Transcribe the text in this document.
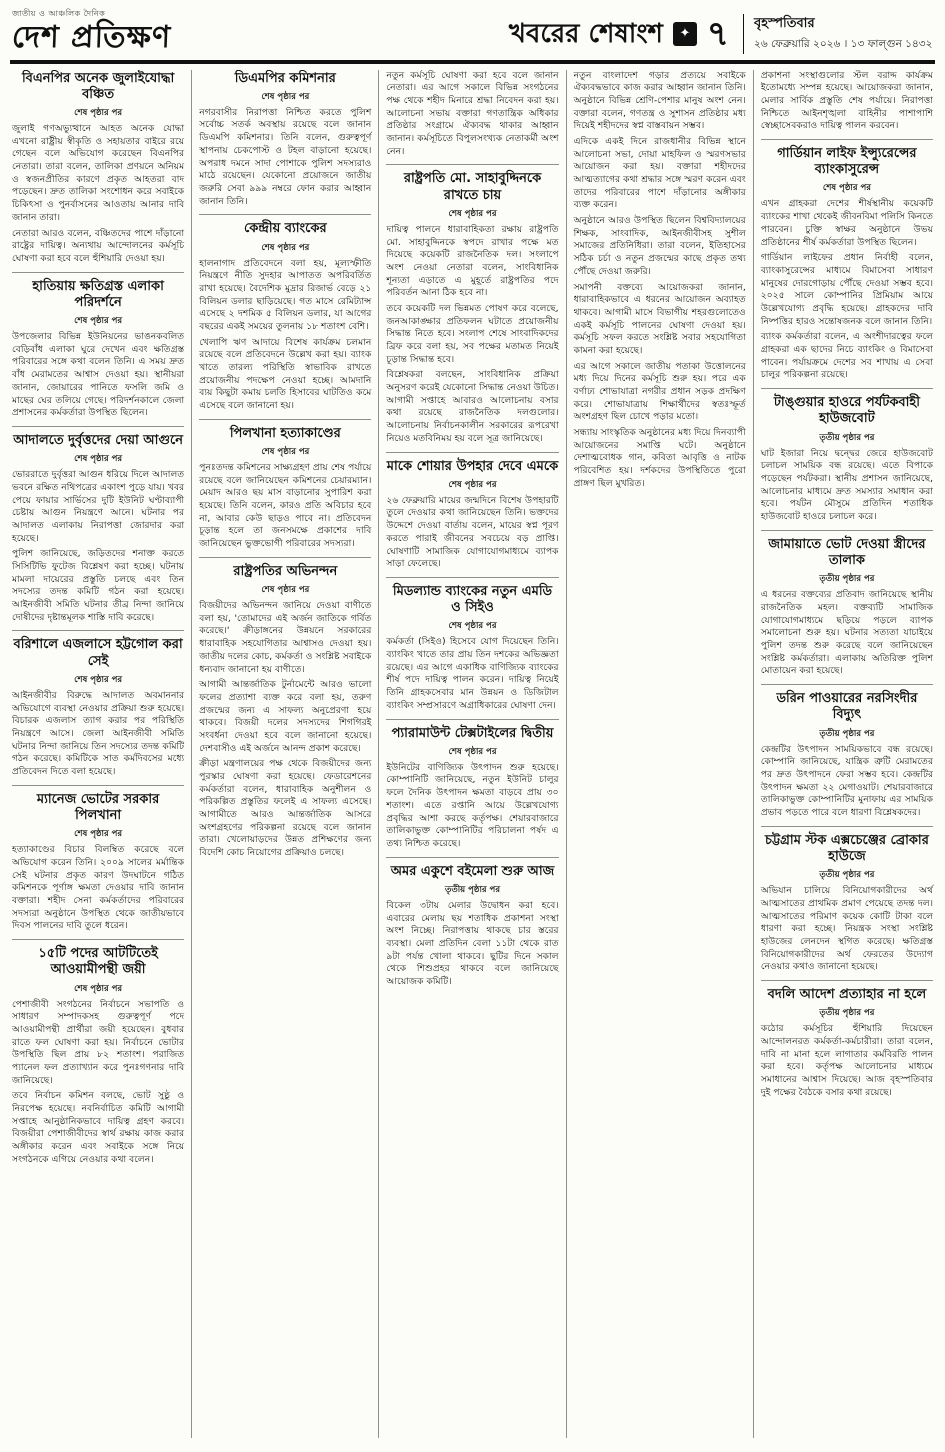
জাতীয় ও আঞ্চলিক দৈনিক
দেশ প্রতিক্ষণ	খবরের শেষাংশ	✦ ৭ বৃহস্পতিবার
২৬ ফেব্রুয়ারি ২০২৬ । ১৩ ফাল্গুন ১৪৩২
বিএনপির অনেক জুলাইযোদ্ধা বঞ্চিত
শেষ পৃষ্ঠার পর

জুলাই গণঅভ্যুত্থানে আহত অনেক যোদ্ধা এখনো রাষ্ট্রীয় স্বীকৃতি ও সহায়তার বাইরে রয়ে গেছেন বলে অভিযোগ করেছেন বিএনপির নেতারা। তারা বলেন, তালিকা প্রণয়নে অনিয়ম ও স্বজনপ্রীতির কারণে প্রকৃত আহতরা বাদ পড়েছেন। দ্রুত তালিকা সংশোধন করে সবাইকে চিকিৎসা ও পুনর্বাসনের আওতায় আনার দাবি জানান তারা।

নেতারা আরও বলেন, বঞ্চিতদের পাশে দাঁড়ানো রাষ্ট্রের দায়িত্ব। অন্যথায় আন্দোলনের কর্মসূচি ঘোষণা করা হবে বলে হুঁশিয়ারি দেওয়া হয়।

হাতিয়ায় ক্ষতিগ্রস্ত এলাকা পরিদর্শনে
শেষ পৃষ্ঠার পর

উপজেলার বিভিন্ন ইউনিয়নের ভাঙনকবলিত বেড়িবাঁধ এলাকা ঘুরে দেখেন এবং ক্ষতিগ্রস্ত পরিবারের সঙ্গে কথা বলেন তিনি। এ সময় দ্রুত বাঁধ মেরামতের আশ্বাস দেওয়া হয়। স্থানীয়রা জানান, জোয়ারের পানিতে ফসলি জমি ও মাছের ঘের তলিয়ে গেছে। পরিদর্শনকালে জেলা প্রশাসনের কর্মকর্তারা উপস্থিত ছিলেন।

আদালতে দুর্বৃত্তদের দেয়া আগুনে
শেষ পৃষ্ঠার পর

ভোররাতে দুর্বৃত্তরা আগুন ধরিয়ে দিলে আদালত ভবনে রক্ষিত নথিপত্রের একাংশ পুড়ে যায়। খবর পেয়ে ফায়ার সার্ভিসের দুটি ইউনিট ঘণ্টাব্যাপী চেষ্টায় আগুন নিয়ন্ত্রণে আনে। ঘটনার পর আদালত এলাকায় নিরাপত্তা জোরদার করা হয়েছে।

পুলিশ জানিয়েছে, জড়িতদের শনাক্ত করতে সিসিটিভি ফুটেজ বিশ্লেষণ করা হচ্ছে। ঘটনায় মামলা দায়েরের প্রস্তুতি চলছে এবং তিন সদস্যের তদন্ত কমিটি গঠন করা হয়েছে। আইনজীবী সমিতি ঘটনার তীব্র নিন্দা জানিয়ে দোষীদের দৃষ্টান্তমূলক শাস্তি দাবি করেছে।

বরিশালে এজলাসে হট্টগোল করা সেই
শেষ পৃষ্ঠার পর

আইনজীবীর বিরুদ্ধে আদালত অবমাননার অভিযোগে ব্যবস্থা নেওয়ার প্রক্রিয়া শুরু হয়েছে। বিচারক এজলাস ত্যাগ করার পর পরিস্থিতি নিয়ন্ত্রণে আসে। জেলা আইনজীবী সমিতি ঘটনার নিন্দা জানিয়ে তিন সদস্যের তদন্ত কমিটি গঠন করেছে। কমিটিকে সাত কর্মদিবসের মধ্যে প্রতিবেদন দিতে বলা হয়েছে।

ম্যানেজ ভোটের সরকার পিলখানা
শেষ পৃষ্ঠার পর

হত্যাকাণ্ডের বিচার বিলম্বিত করেছে বলে অভিযোগ করেন তিনি। ২০০৯ সালের মর্মান্তিক সেই ঘটনার প্রকৃত কারণ উদঘাটনে গঠিত কমিশনকে পূর্ণাঙ্গ ক্ষমতা দেওয়ার দাবি জানান বক্তারা। শহীদ সেনা কর্মকর্তাদের পরিবারের সদস্যরা অনুষ্ঠানে উপস্থিত থেকে জাতীয়ভাবে দিবস পালনের দাবি তুলে ধরেন।

১৫টি পদের আটটিতেই আওয়ামীপন্থী জয়ী
শেষ পৃষ্ঠার পর

পেশাজীবী সংগঠনের নির্বাচনে সভাপতি ও সাধারণ সম্পাদকসহ গুরুত্বপূর্ণ পদে আওয়ামীপন্থী প্রার্থীরা জয়ী হয়েছেন। বুধবার রাতে ফল ঘোষণা করা হয়। নির্বাচনে ভোটার উপস্থিতি ছিল প্রায় ৮২ শতাংশ। পরাজিত প্যানেল ফল প্রত্যাখ্যান করে পুনঃগণনার দাবি জানিয়েছে।

তবে নির্বাচন কমিশন বলছে, ভোট সুষ্ঠু ও নিরপেক্ষ হয়েছে। নবনির্বাচিত কমিটি আগামী সপ্তাহে আনুষ্ঠানিকভাবে দায়িত্ব গ্রহণ করবে। বিজয়ীরা পেশাজীবীদের স্বার্থ রক্ষায় কাজ করার অঙ্গীকার করেন এবং সবাইকে সঙ্গে নিয়ে সংগঠনকে এগিয়ে নেওয়ার কথা বলেন।

ডিএমপির কমিশনার
শেষ পৃষ্ঠার পর

নগরবাসীর নিরাপত্তা নিশ্চিত করতে পুলিশ সর্বোচ্চ সতর্ক অবস্থায় রয়েছে বলে জানান ডিএমপি কমিশনার। তিনি বলেন, গুরুত্বপূর্ণ স্থাপনায় চেকপোস্ট ও টহল বাড়ানো হয়েছে। অপরাধ দমনে সাদা পোশাকে পুলিশ সদস্যরাও মাঠে রয়েছেন। যেকোনো প্রয়োজনে জাতীয় জরুরি সেবা ৯৯৯ নম্বরে ফোন করার আহ্বান জানান তিনি।

কেন্দ্রীয় ব্যাংকের
শেষ পৃষ্ঠার পর

হালনাগাদ প্রতিবেদনে বলা হয়, মূল্যস্ফীতি নিয়ন্ত্রণে নীতি সুদহার আপাতত অপরিবর্তিত রাখা হয়েছে। বৈদেশিক মুদ্রার রিজার্ভ বেড়ে ২১ বিলিয়ন ডলার ছাড়িয়েছে। গত মাসে রেমিট্যান্স এসেছে ২ দশমিক ৫ বিলিয়ন ডলার, যা আগের বছরের একই সময়ের তুলনায় ১৮ শতাংশ বেশি।

খেলাপি ঋণ আদায়ে বিশেষ কার্যক্রম চলমান রয়েছে বলে প্রতিবেদনে উল্লেখ করা হয়। ব্যাংক খাতে তারল্য পরিস্থিতি স্বাভাবিক রাখতে প্রয়োজনীয় পদক্ষেপ নেওয়া হচ্ছে। আমদানি ব্যয় কিছুটা কমায় চলতি হিসাবের ঘাটতিও কমে এসেছে বলে জানানো হয়।

পিলখানা হত্যাকাণ্ডের
শেষ পৃষ্ঠার পর

পুনঃতদন্ত কমিশনের সাক্ষ্যগ্রহণ প্রায় শেষ পর্যায়ে রয়েছে বলে জানিয়েছেন কমিশনের চেয়ারম্যান। মেয়াদ আরও ছয় মাস বাড়ানোর সুপারিশ করা হয়েছে। তিনি বলেন, কারও প্রতি অবিচার হবে না, আবার কেউ ছাড়ও পাবে না। প্রতিবেদন চূড়ান্ত হলে তা জনসমক্ষে প্রকাশের দাবি জানিয়েছেন ভুক্তভোগী পরিবারের সদস্যরা।

রাষ্ট্রপতির অভিনন্দন
শেষ পৃষ্ঠার পর

বিজয়ীদের অভিনন্দন জানিয়ে দেওয়া বাণীতে বলা হয়, 'তোমাদের এই অর্জন জাতিকে গর্বিত করেছে।' ক্রীড়াঙ্গনের উন্নয়নে সরকারের ধারাবাহিক সহযোগিতার আশ্বাসও দেওয়া হয়। জাতীয় দলের কোচ, কর্মকর্তা ও সংশ্লিষ্ট সবাইকে ধন্যবাদ জানানো হয় বাণীতে।

আগামী আন্তর্জাতিক টুর্নামেন্টে আরও ভালো ফলের প্রত্যাশা ব্যক্ত করে বলা হয়, তরুণ প্রজন্মের জন্য এ সাফল্য অনুপ্রেরণা হয়ে থাকবে। বিজয়ী দলের সদস্যদের শিগগিরই সংবর্ধনা দেওয়া হবে বলে জানানো হয়েছে। দেশবাসীও এই অর্জনে আনন্দ প্রকাশ করেছে।

ক্রীড়া মন্ত্রণালয়ের পক্ষ থেকে বিজয়ীদের জন্য পুরস্কার ঘোষণা করা হয়েছে। ফেডারেশনের কর্মকর্তারা বলেন, ধারাবাহিক অনুশীলন ও পরিকল্পিত প্রস্তুতির ফলেই এ সাফল্য এসেছে। আগামীতে আরও আন্তর্জাতিক আসরে অংশগ্রহণের পরিকল্পনা রয়েছে বলে জানান তারা। খেলোয়াড়দের উন্নত প্রশিক্ষণের জন্য বিদেশি কোচ নিয়োগের প্রক্রিয়াও চলছে।

নতুন কর্মসূচি ঘোষণা করা হবে বলে জানান নেতারা। এর আগে সকালে বিভিন্ন সংগঠনের পক্ষ থেকে শহীদ মিনারে শ্রদ্ধা নিবেদন করা হয়। আলোচনা সভায় বক্তারা গণতান্ত্রিক অধিকার প্রতিষ্ঠার সংগ্রামে ঐক্যবদ্ধ থাকার আহ্বান জানান। কর্মসূচিতে বিপুলসংখ্যক নেতাকর্মী অংশ নেন।

রাষ্ট্রপতি মো. সাহাবুদ্দিনকে রাখতে চায়
শেষ পৃষ্ঠার পর

দায়িত্ব পালনে ধারাবাহিকতা রক্ষায় রাষ্ট্রপতি মো. সাহাবুদ্দিনকে স্বপদে রাখার পক্ষে মত দিয়েছে কয়েকটি রাজনৈতিক দল। সংলাপে অংশ নেওয়া নেতারা বলেন, সাংবিধানিক শূন্যতা এড়াতে এ মুহূর্তে রাষ্ট্রপতির পদে পরিবর্তন আনা ঠিক হবে না।

তবে কয়েকটি দল ভিন্নমত পোষণ করে বলেছে, জনআকাঙ্ক্ষার প্রতিফলন ঘটাতে প্রয়োজনীয় সিদ্ধান্ত নিতে হবে। সংলাপ শেষে সাংবাদিকদের ব্রিফ করে বলা হয়, সব পক্ষের মতামত নিয়েই চূড়ান্ত সিদ্ধান্ত হবে।

বিশ্লেষকরা বলছেন, সাংবিধানিক প্রক্রিয়া অনুসরণ করেই যেকোনো সিদ্ধান্ত নেওয়া উচিত। আগামী সপ্তাহে আবারও আলোচনায় বসার কথা রয়েছে রাজনৈতিক দলগুলোর। আলোচনায় নির্বাচনকালীন সরকারের রূপরেখা নিয়েও মতবিনিময় হয় বলে সূত্র জানিয়েছে।

মাকে শোয়ার উপহার দেবে এমকে
শেষ পৃষ্ঠার পর

২৬ ফেব্রুয়ারি মায়ের জন্মদিনে বিশেষ উপহারটি তুলে দেওয়ার কথা জানিয়েছেন তিনি। ভক্তদের উদ্দেশে দেওয়া বার্তায় বলেন, মায়ের স্বপ্ন পূরণ করতে পারাই জীবনের সবচেয়ে বড় প্রাপ্তি। ঘোষণাটি সামাজিক যোগাযোগমাধ্যমে ব্যাপক সাড়া ফেলেছে।

মিডল্যান্ড ব্যাংকের নতুন এমডি ও সিইও
শেষ পৃষ্ঠার পর

কর্মকর্তা (সিইও) হিসেবে যোগ দিয়েছেন তিনি। ব্যাংকিং খাতে তার প্রায় তিন দশকের অভিজ্ঞতা রয়েছে। এর আগে একাধিক বাণিজ্যিক ব্যাংকের শীর্ষ পদে দায়িত্ব পালন করেন। দায়িত্ব নিয়েই তিনি গ্রাহকসেবার মান উন্নয়ন ও ডিজিটাল ব্যাংকিং সম্প্রসারণে অগ্রাধিকারের ঘোষণা দেন।

প্যারামাউন্ট টেক্সটাইলের দ্বিতীয়
শেষ পৃষ্ঠার পর

ইউনিটের বাণিজ্যিক উৎপাদন শুরু হয়েছে। কোম্পানিটি জানিয়েছে, নতুন ইউনিট চালুর ফলে দৈনিক উৎপাদন ক্ষমতা বাড়বে প্রায় ৩০ শতাংশ। এতে রপ্তানি আয়ে উল্লেখযোগ্য প্রবৃদ্ধির আশা করছে কর্তৃপক্ষ। শেয়ারবাজারে তালিকাভুক্ত কোম্পানিটির পরিচালনা পর্ষদ এ তথ্য নিশ্চিত করেছে।

অমর একুশে বইমেলা শুরু আজ
তৃতীয় পৃষ্ঠার পর

বিকেল ৩টায় মেলার উদ্বোধন করা হবে। এবারের মেলায় ছয় শতাধিক প্রকাশনা সংস্থা অংশ নিচ্ছে। নিরাপত্তায় থাকছে চার স্তরের ব্যবস্থা। মেলা প্রতিদিন বেলা ১১টা থেকে রাত ৯টা পর্যন্ত খোলা থাকবে। ছুটির দিনে সকাল থেকে শিশুপ্রহর থাকবে বলে জানিয়েছে আয়োজক কমিটি।

নতুন বাংলাদেশ গড়ার প্রত্যয়ে সবাইকে ঐক্যবদ্ধভাবে কাজ করার আহ্বান জানান তিনি। অনুষ্ঠানে বিভিন্ন শ্রেণি-পেশার মানুষ অংশ নেন। বক্তারা বলেন, গণতন্ত্র ও সুশাসন প্রতিষ্ঠার মধ্য দিয়েই শহীদদের স্বপ্ন বাস্তবায়ন সম্ভব।

এদিকে একই দিনে রাজধানীর বিভিন্ন স্থানে আলোচনা সভা, দোয়া মাহফিল ও স্মরণসভার আয়োজন করা হয়। বক্তারা শহীদদের আত্মত্যাগের কথা শ্রদ্ধার সঙ্গে স্মরণ করেন এবং তাদের পরিবারের পাশে দাঁড়ানোর অঙ্গীকার ব্যক্ত করেন।

অনুষ্ঠানে আরও উপস্থিত ছিলেন বিশ্ববিদ্যালয়ের শিক্ষক, সাংবাদিক, আইনজীবীসহ সুশীল সমাজের প্রতিনিধিরা। তারা বলেন, ইতিহাসের সঠিক চর্চা ও নতুন প্রজন্মের কাছে প্রকৃত তথ্য পৌঁছে দেওয়া জরুরি।

সমাপনী বক্তব্যে আয়োজকরা জানান, ধারাবাহিকভাবে এ ধরনের আয়োজন অব্যাহত থাকবে। আগামী মাসে বিভাগীয় শহরগুলোতেও একই কর্মসূচি পালনের ঘোষণা দেওয়া হয়। কর্মসূচি সফল করতে সংশ্লিষ্ট সবার সহযোগিতা কামনা করা হয়েছে।

এর আগে সকালে জাতীয় পতাকা উত্তোলনের মধ্য দিয়ে দিনের কর্মসূচি শুরু হয়। পরে এক বর্ণাঢ্য শোভাযাত্রা নগরীর প্রধান সড়ক প্রদক্ষিণ করে। শোভাযাত্রায় শিক্ষার্থীদের স্বতঃস্ফূর্ত অংশগ্রহণ ছিল চোখে পড়ার মতো।

সন্ধ্যায় সাংস্কৃতিক অনুষ্ঠানের মধ্য দিয়ে দিনব্যাপী আয়োজনের সমাপ্তি ঘটে। অনুষ্ঠানে দেশাত্মবোধক গান, কবিতা আবৃত্তি ও নাটক পরিবেশিত হয়। দর্শকদের উপস্থিতিতে পুরো প্রাঙ্গণ ছিল মুখরিত।

প্রকাশনা সংস্থাগুলোর স্টল বরাদ্দ কার্যক্রম ইতোমধ্যে সম্পন্ন হয়েছে। আয়োজকরা জানান, মেলার সার্বিক প্রস্তুতি শেষ পর্যায়ে। নিরাপত্তা নিশ্চিতে আইনশৃঙ্খলা বাহিনীর পাশাপাশি স্বেচ্ছাসেবকরাও দায়িত্ব পালন করবেন।

গার্ডিয়ান লাইফ ইন্স্যুরেন্সের ব্যাংকাসুরেন্স
শেষ পৃষ্ঠার পর

এখন গ্রাহকরা দেশের শীর্ষস্থানীয় কয়েকটি ব্যাংকের শাখা থেকেই জীবনবিমা পলিসি কিনতে পারবেন। চুক্তি স্বাক্ষর অনুষ্ঠানে উভয় প্রতিষ্ঠানের শীর্ষ কর্মকর্তারা উপস্থিত ছিলেন।

গার্ডিয়ান লাইফের প্রধান নির্বাহী বলেন, ব্যাংকাসুরেন্সের মাধ্যমে বিমাসেবা সাধারণ মানুষের দোরগোড়ায় পৌঁছে দেওয়া সম্ভব হবে। ২০২৫ সালে কোম্পানির প্রিমিয়াম আয়ে উল্লেখযোগ্য প্রবৃদ্ধি হয়েছে। গ্রাহকদের দাবি নিষ্পত্তির হারও সন্তোষজনক বলে জানান তিনি।

ব্যাংক কর্মকর্তারা বলেন, এ অংশীদারত্বের ফলে গ্রাহকরা এক ছাদের নিচে ব্যাংকিং ও বিমাসেবা পাবেন। পর্যায়ক্রমে দেশের সব শাখায় এ সেবা চালুর পরিকল্পনা রয়েছে।

টাঙ্গুয়ার হাওরে পর্যটকবাহী হাউজবোট
তৃতীয় পৃষ্ঠার পর

ঘাট ইজারা নিয়ে দ্বন্দ্বের জেরে হাউজবোট চলাচল সাময়িক বন্ধ রয়েছে। এতে বিপাকে পড়েছেন পর্যটকরা। স্থানীয় প্রশাসন জানিয়েছে, আলোচনার মাধ্যমে দ্রুত সমস্যার সমাধান করা হবে। পর্যটন মৌসুমে প্রতিদিন শতাধিক হাউজবোট হাওরে চলাচল করে।

জামায়াতে ভোট দেওয়া স্ত্রীদের তালাক
তৃতীয় পৃষ্ঠার পর

এ ধরনের বক্তব্যের প্রতিবাদ জানিয়েছে স্থানীয় রাজনৈতিক মহল। বক্তব্যটি সামাজিক যোগাযোগমাধ্যমে ছড়িয়ে পড়লে ব্যাপক সমালোচনা শুরু হয়। ঘটনার সত্যতা যাচাইয়ে পুলিশ তদন্ত শুরু করেছে বলে জানিয়েছেন সংশ্লিষ্ট কর্মকর্তারা। এলাকায় অতিরিক্ত পুলিশ মোতায়েন করা হয়েছে।

ডরিন পাওয়ারের নরসিংদীর বিদ্যুৎ
তৃতীয় পৃষ্ঠার পর

কেন্দ্রটির উৎপাদন সাময়িকভাবে বন্ধ রয়েছে। কোম্পানি জানিয়েছে, যান্ত্রিক ত্রুটি মেরামতের পর দ্রুত উৎপাদনে ফেরা সম্ভব হবে। কেন্দ্রটির উৎপাদন ক্ষমতা ২২ মেগাওয়াট। শেয়ারবাজারে তালিকাভুক্ত কোম্পানিটির মুনাফায় এর সাময়িক প্রভাব পড়তে পারে বলে ধারণা বিশ্লেষকদের।

চট্টগ্রাম স্টক এক্সচেঞ্জের ব্রোকার হাউজে
তৃতীয় পৃষ্ঠার পর

অভিযান চালিয়ে বিনিয়োগকারীদের অর্থ আত্মসাতের প্রাথমিক প্রমাণ পেয়েছে তদন্ত দল। আত্মসাতের পরিমাণ কয়েক কোটি টাকা বলে ধারণা করা হচ্ছে। নিয়ন্ত্রক সংস্থা সংশ্লিষ্ট হাউজের লেনদেন স্থগিত করেছে। ক্ষতিগ্রস্ত বিনিয়োগকারীদের অর্থ ফেরতের উদ্যোগ নেওয়ার কথাও জানানো হয়েছে।

বদলি আদেশ প্রত্যাহার না হলে
তৃতীয় পৃষ্ঠার পর

কঠোর কর্মসূচির হুঁশিয়ারি দিয়েছেন আন্দোলনরত কর্মকর্তা-কর্মচারীরা। তারা বলেন, দাবি না মানা হলে লাগাতার কর্মবিরতি পালন করা হবে। কর্তৃপক্ষ আলোচনার মাধ্যমে সমাধানের আশ্বাস দিয়েছে। আজ বৃহস্পতিবার দুই পক্ষের বৈঠকে বসার কথা রয়েছে।
